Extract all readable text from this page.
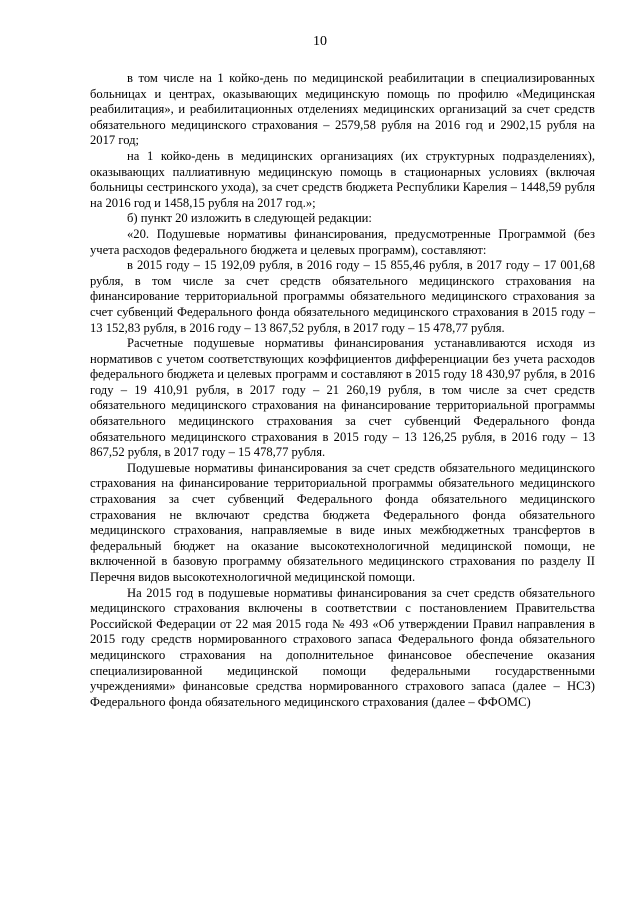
10

в том числе на 1 койко-день по медицинской реабилитации в специализированных больницах и центрах, оказывающих медицинскую помощь по профилю «Медицинская реабилитация», и реабилитационных отделениях медицинских организаций за счет средств обязательного медицинского страхования – 2579,58 рубля на 2016 год и 2902,15 рубля на 2017 год;

на 1 койко-день в медицинских организациях (их структурных подразделениях), оказывающих паллиативную медицинскую помощь в стационарных условиях (включая больницы сестринского ухода), за счет средств бюджета Республики Карелия – 1448,59 рубля на 2016 год и 1458,15 рубля на 2017 год.»;

б) пункт 20 изложить в следующей редакции:

«20. Подушевые нормативы финансирования, предусмотренные Программой (без учета расходов федерального бюджета и целевых программ), составляют:

в 2015 году – 15 192,09 рубля, в 2016 году – 15 855,46 рубля, в 2017 году – 17 001,68 рубля, в том числе за счет средств обязательного медицинского страхования на финансирование территориальной программы обязательного медицинского страхования за счет субвенций Федерального фонда обязательного медицинского страхования в 2015 году – 13 152,83 рубля, в 2016 году – 13 867,52 рубля, в 2017 году – 15 478,77 рубля.

Расчетные подушевые нормативы финансирования устанавливаются исходя из нормативов с учетом соответствующих коэффициентов дифференциации без учета расходов федерального бюджета и целевых программ и составляют в 2015 году 18 430,97 рубля, в 2016 году – 19 410,91 рубля, в 2017 году – 21 260,19 рубля, в том числе за счет средств обязательного медицинского страхования на финансирование территориальной программы обязательного медицинского страхования за счет субвенций Федерального фонда обязательного медицинского страхования в 2015 году – 13 126,25 рубля, в 2016 году – 13 867,52 рубля, в 2017 году – 15 478,77 рубля.

Подушевые нормативы финансирования за счет средств обязательного медицинского страхования на финансирование территориальной программы обязательного медицинского страхования за счет субвенций Федерального фонда обязательного медицинского страхования не включают средства бюджета Федерального фонда обязательного медицинского страхования, направляемые в виде иных межбюджетных трансфертов в федеральный бюджет на оказание высокотехнологичной медицинской помощи, не включенной в базовую программу обязательного медицинского страхования по разделу II Перечня видов высокотехнологичной медицинской помощи.

На 2015 год в подушевые нормативы финансирования за счет средств обязательного медицинского страхования включены в соответствии с постановлением Правительства Российской Федерации от 22 мая 2015 года № 493 «Об утверждении Правил направления в 2015 году средств нормированного страхового запаса Федерального фонда обязательного медицинского страхования на дополнительное финансовое обеспечение оказания специализированной медицинской помощи федеральными государственными учреждениями» финансовые средства нормированного страхового запаса (далее – НСЗ) Федерального фонда обязательного медицинского страхования (далее – ФФОМС)
